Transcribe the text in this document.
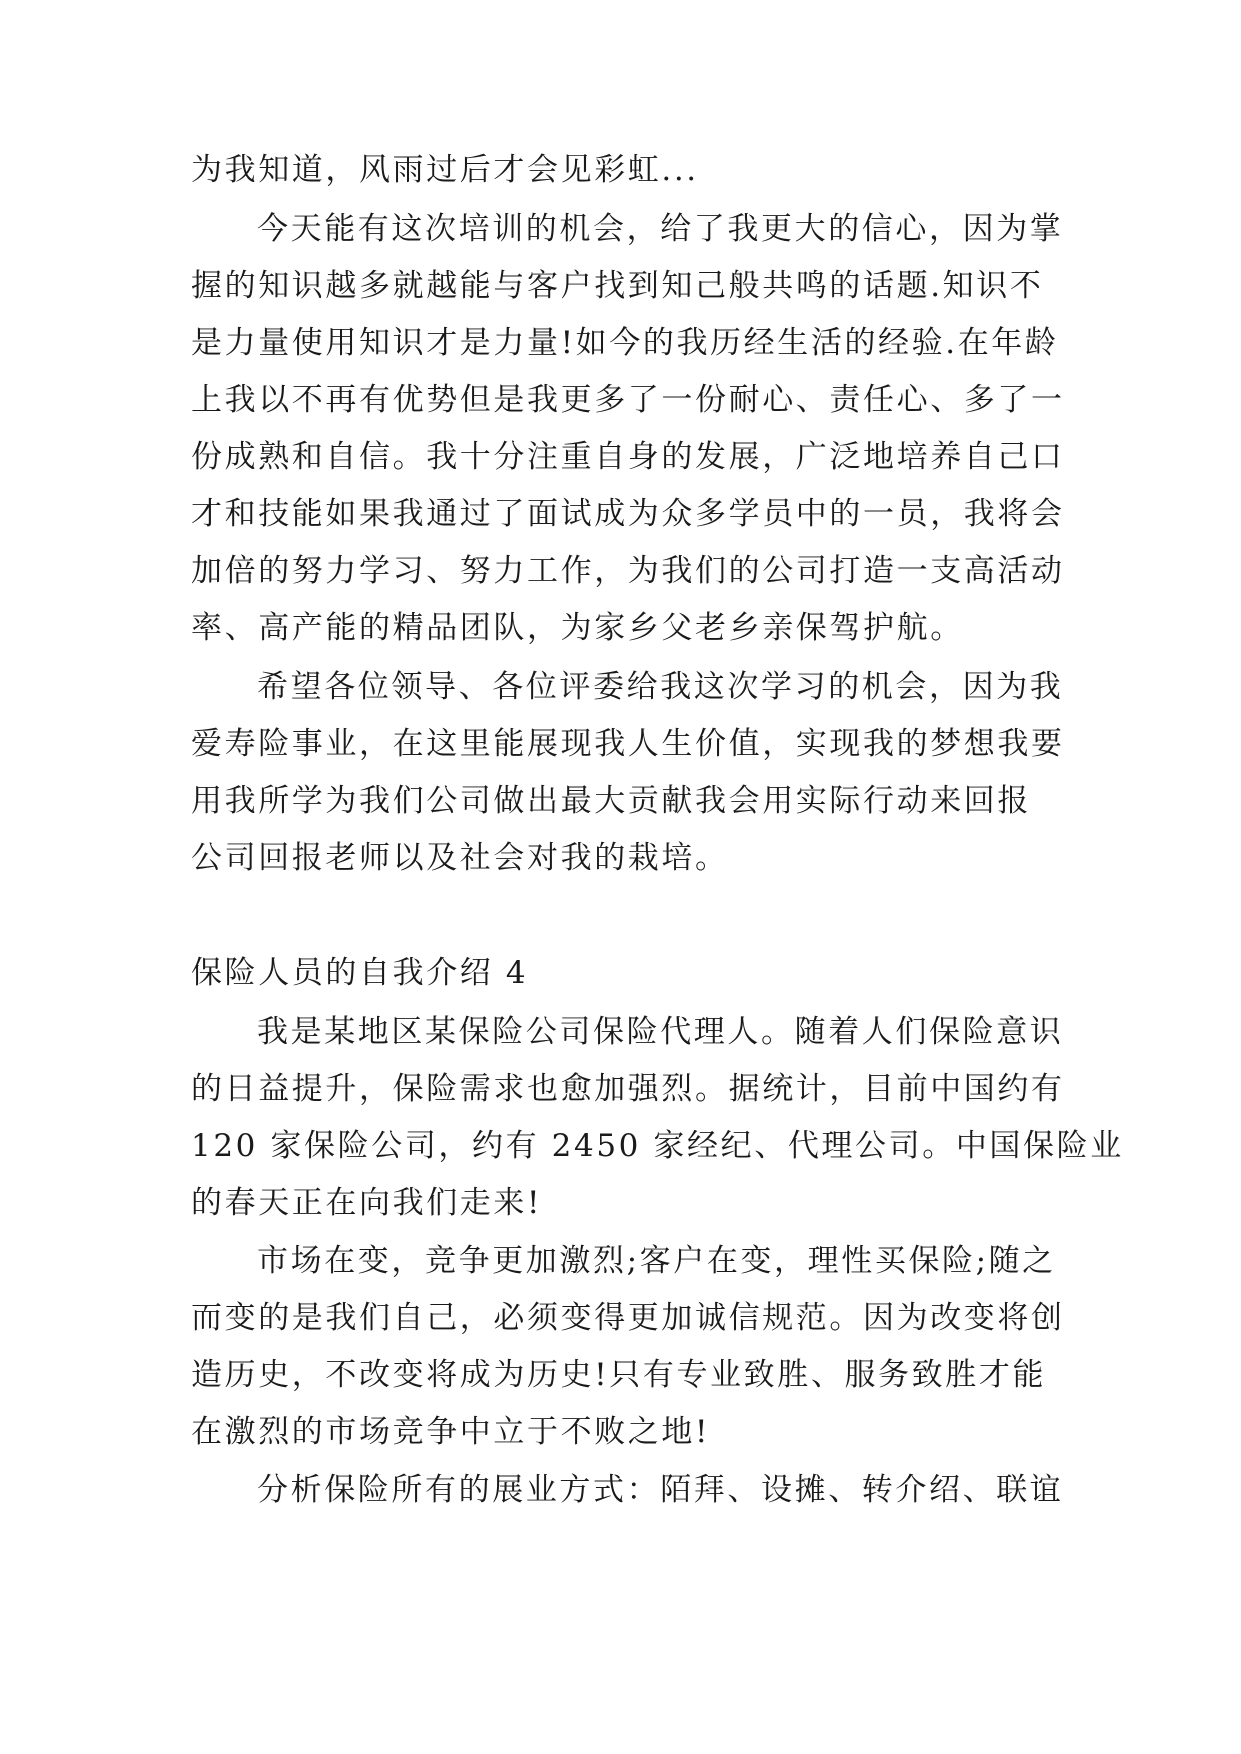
为我知道，风雨过后才会见彩虹...

今天能有这次培训的机会，给了我更大的信心，因为掌

握的知识越多就越能与客户找到知己般共鸣的话题.知识不

是力量使用知识才是力量!如今的我历经生活的经验.在年龄

上我以不再有优势但是我更多了一份耐心、责任心、多了一

份成熟和自信。我十分注重自身的发展，广泛地培养自己口

才和技能如果我通过了面试成为众多学员中的一员，我将会

加倍的努力学习、努力工作，为我们的公司打造一支高活动

率、高产能的精品团队，为家乡父老乡亲保驾护航。

希望各位领导、各位评委给我这次学习的机会，因为我

爱寿险事业，在这里能展现我人生价值，实现我的梦想我要

用我所学为我们公司做出最大贡献我会用实际行动来回报

公司回报老师以及社会对我的栽培。

保险人员的自我介绍 4

我是某地区某保险公司保险代理人。随着人们保险意识

的日益提升，保险需求也愈加强烈。据统计，目前中国约有

120 家保险公司，约有 2450 家经纪、代理公司。中国保险业

的春天正在向我们走来!

市场在变，竞争更加激烈;客户在变，理性买保险;随之

而变的是我们自己，必须变得更加诚信规范。因为改变将创

造历史，不改变将成为历史!只有专业致胜、服务致胜才能

在激烈的市场竞争中立于不败之地!

分析保险所有的展业方式：陌拜、设摊、转介绍、联谊
